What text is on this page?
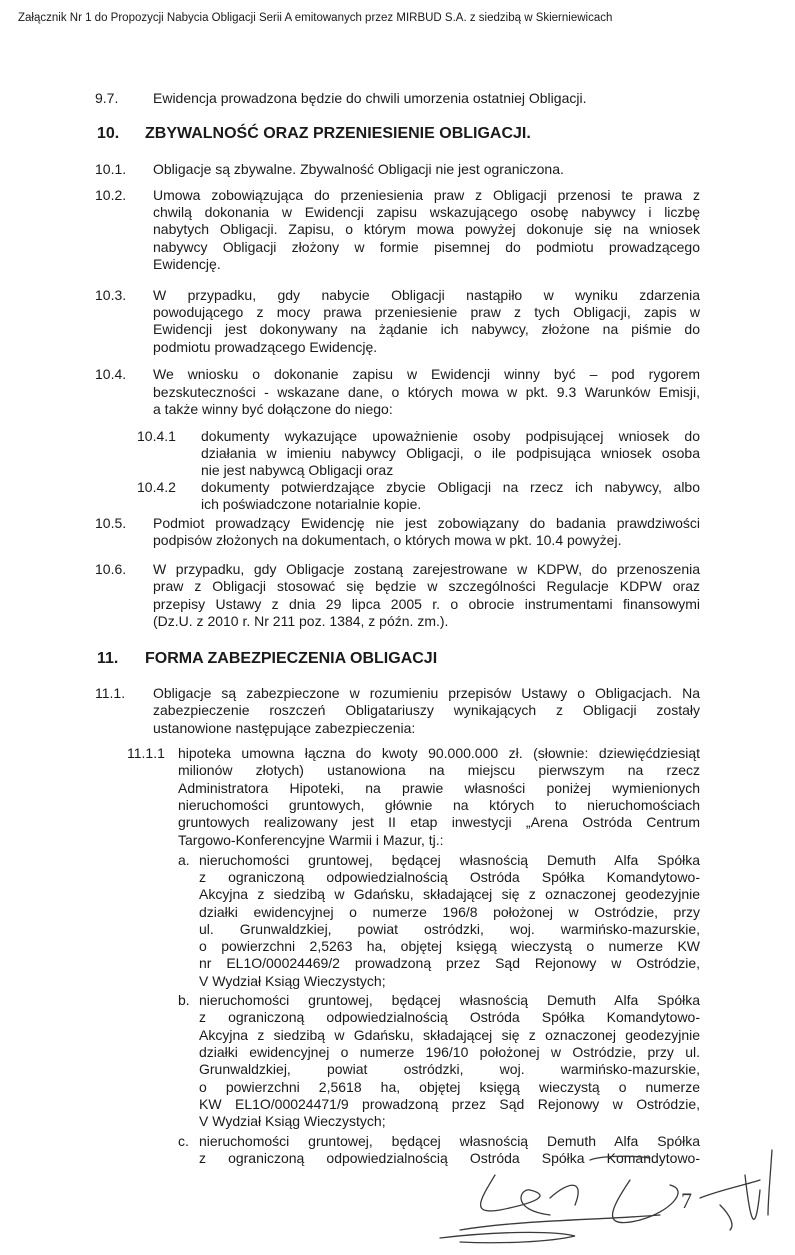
Załącznik Nr 1 do Propozycji Nabycia Obligacji Serii A emitowanych przez MIRBUD S.A. z siedzibą w Skierniewicach
9.7. Ewidencja prowadzona będzie do chwili umorzenia ostatniej Obligacji.
10. ZBYWALNOŚĆ ORAZ PRZENIESIENIE OBLIGACJI.
10.1. Obligacje są zbywalne. Zbywalność Obligacji nie jest ograniczona.
10.2. Umowa zobowiązująca do przeniesienia praw z Obligacji przenosi te prawa z
chwilą dokonania w Ewidencji zapisu wskazującego osobę nabywcy i liczbę
nabytych Obligacji. Zapisu, o którym mowa powyżej dokonuje się na wniosek
nabywcy Obligacji złożony w formie pisemnej do podmiotu prowadzącego
Ewidencję.
10.3. W przypadku, gdy nabycie Obligacji nastąpiło w wyniku zdarzenia
powodującego z mocy prawa przeniesienie praw z tych Obligacji, zapis w
Ewidencji jest dokonywany na żądanie ich nabywcy, złożone na piśmie do
podmiotu prowadzącego Ewidencję.
10.4. We wniosku o dokonanie zapisu w Ewidencji winny być – pod rygorem
bezskuteczności - wskazane dane, o których mowa w pkt. 9.3 Warunków Emisji,
a także winny być dołączone do niego:
10.4.1 dokumenty wykazujące upoważnienie osoby podpisującej wniosek do
działania w imieniu nabywcy Obligacji, o ile podpisująca wniosek osoba
nie jest nabywcą Obligacji oraz
10.4.2 dokumenty potwierdzające zbycie Obligacji na rzecz ich nabywcy, albo
ich poświadczone notarialnie kopie.
10.5. Podmiot prowadzący Ewidencję nie jest zobowiązany do badania prawdziwości
podpisów złożonych na dokumentach, o których mowa w pkt. 10.4 powyżej.
10.6. W przypadku, gdy Obligacje zostaną zarejestrowane w KDPW, do przenoszenia
praw z Obligacji stosować się będzie w szczególności Regulacje KDPW oraz
przepisy Ustawy z dnia 29 lipca 2005 r. o obrocie instrumentami finansowymi
(Dz.U. z 2010 r. Nr 211 poz. 1384, z późn. zm.).
11. FORMA ZABEZPIECZENIA OBLIGACJI
11.1. Obligacje są zabezpieczone w rozumieniu przepisów Ustawy o Obligacjach. Na
zabezpieczenie roszczeń Obligatariuszy wynikających z Obligacji zostały
ustanowione następujące zabezpieczenia:
11.1.1 hipoteka umowna łączna do kwoty 90.000.000 zł. (słownie: dziewięćdziesiąt
milionów złotych) ustanowiona na miejscu pierwszym na rzecz
Administratora Hipoteki, na prawie własności poniżej wymienionych
nieruchomości gruntowych, głównie na których to nieruchomościach
gruntowych realizowany jest II etap inwestycji „Arena Ostróda Centrum
Targowo-Konferencyjne Warmii i Mazur, tj.:
a. nieruchomości gruntowej, będącej własnością Demuth Alfa Spółka
z ograniczoną odpowiedzialnością Ostróda Spółka Komandytowo-
Akcyjna z siedzibą w Gdańsku, składającej się z oznaczonej geodezyjnie
działki ewidencyjnej o numerze 196/8 położonej w Ostródzie, przy
ul. Grunwaldzkiej, powiat ostródzki, woj. warmińsko-mazurskie,
o powierzchni 2,5263 ha, objętej księgą wieczystą o numerze KW
nr EL1O/00024469/2 prowadzoną przez Sąd Rejonowy w Ostródzie,
V Wydział Ksiąg Wieczystych;
b. nieruchomości gruntowej, będącej własnością Demuth Alfa Spółka
z ograniczoną odpowiedzialnością Ostróda Spółka Komandytowo-
Akcyjna z siedzibą w Gdańsku, składającej się z oznaczonej geodezyjnie
działki ewidencyjnej o numerze 196/10 położonej w Ostródzie, przy ul.
Grunwaldzkiej, powiat ostródzki, woj. warmińsko-mazurskie,
o powierzchni 2,5618 ha, objętej księgą wieczystą o numerze
KW EL1O/00024471/9 prowadzoną przez Sąd Rejonowy w Ostródzie,
V Wydział Ksiąg Wieczystych;
c. nieruchomości gruntowej, będącej własnością Demuth Alfa Spółka
z ograniczoną odpowiedzialnością Ostróda Spółka Komandytowo-
7
